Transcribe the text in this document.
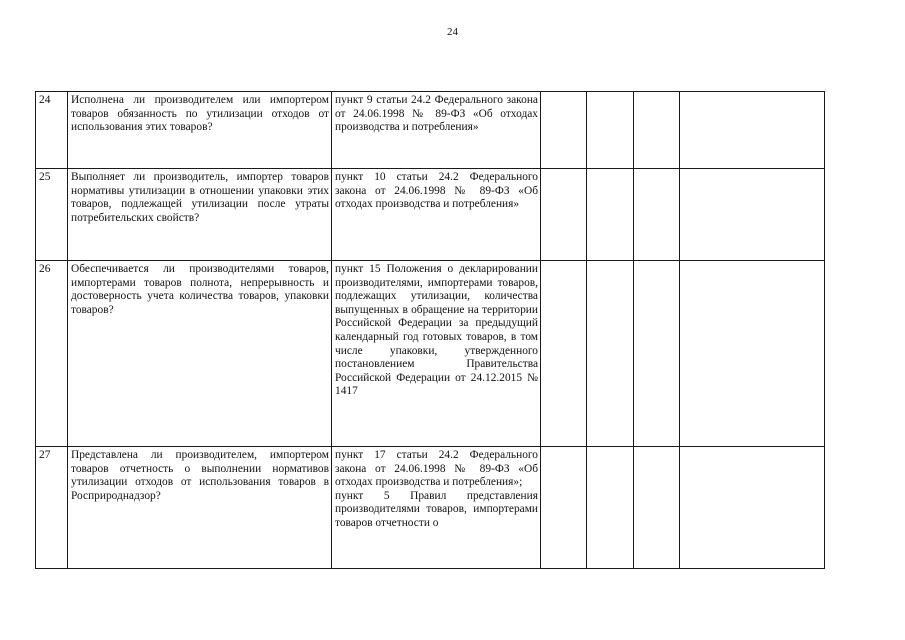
24
24	Исполнена ли производителем или импортером товаров обязанность по утилизации отходов от использования этих товаров?	пункт 9 статьи 24.2 Федерального закона от 24.06.1998 № 89-ФЗ «Об отходах производства и потребления»				
25	Выполняет ли производитель, импортер товаров нормативы утилизации в отношении упаковки этих товаров, подлежащей утилизации после утраты потребительских свойств?	пункт 10 статьи 24.2 Федерального закона от 24.06.1998 № 89-ФЗ «Об отходах производства и потребления»				
26	Обеспечивается ли производителями товаров, импортерами товаров полнота, непрерывность и достоверность учета количества товаров, упаковки товаров?	пункт 15 Положения о декларировании производителями, импортерами товаров, подлежащих утилизации, количества выпущенных в обращение на территории Российской Федерации за предыдущий календарный год готовых товаров, в том числе упаковки, утвержденного постановлением Правительства Российской Федерации от 24.12.2015 № 1417				
27	Представлена ли производителем, импортером товаров отчетность о выполнении нормативов утилизации отходов от использования товаров в Росприроднадзор?	пункт 17 статьи 24.2 Федерального закона от 24.06.1998 № 89-ФЗ «Об отходах производства и потребления»;
пункт 5 Правил представления производителями товаров, импортерами товаров отчетности о				
